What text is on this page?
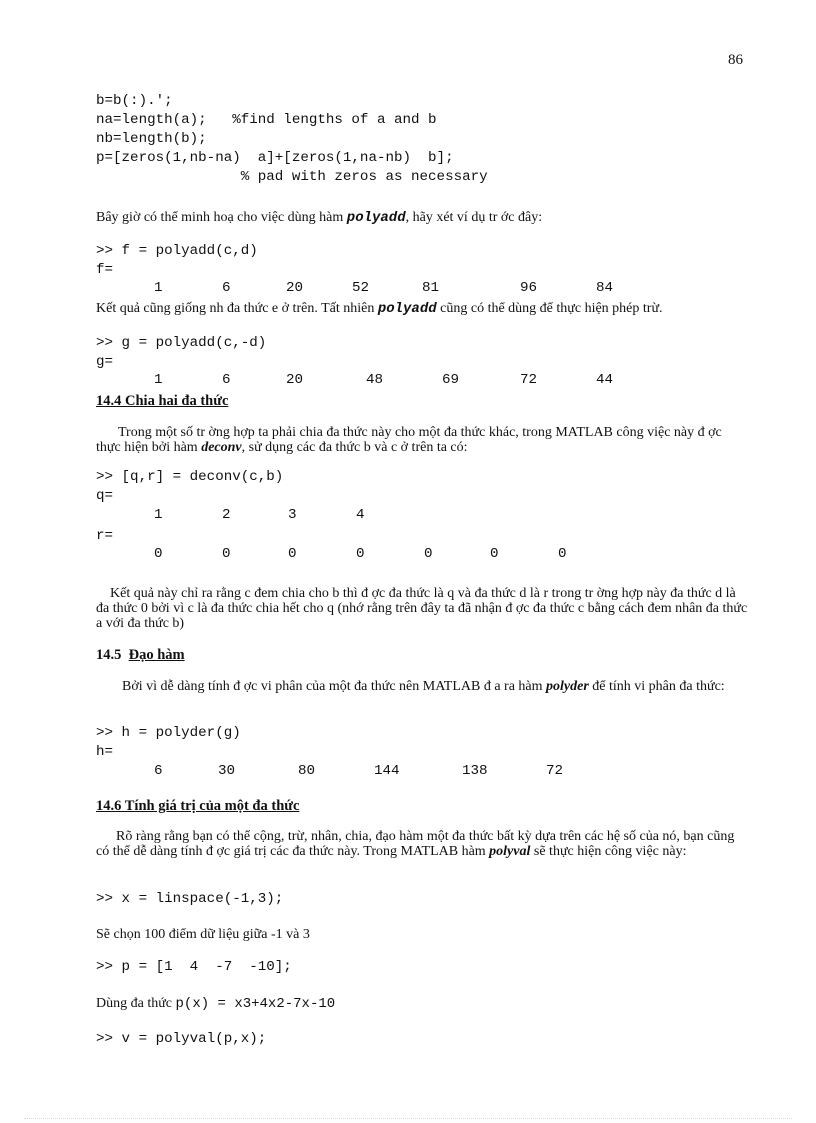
86
b=b(:).';
na=length(a);   %find lengths of a and b
nb=length(b);
p=[zeros(1,nb-na)  a]+[zeros(1,na-nb)  b];
% pad with zeros as necessary

Bây giờ có thể minh hoạ cho việc dùng hàm polyadd, hãy xét ví dụ tr ớc đây:

>> f = polyadd(c,d)
f=
1	6	20	52	81	96	84

Kết quả cũng giống nh đa thức e ở trên. Tất nhiên polyadd cũng có thể dùng để thực hiện phép trừ.

>> g = polyadd(c,-d)
g=
1	6	20	48	69	72	44
14.4 Chia hai đa thức

Trong một số tr ờng hợp ta phải chia đa thức này cho một đa thức khác, trong MATLAB công việc này đ ợc thực hiện bởi hàm deconv, sử dụng các đa thức b và c ở trên ta có:

>> [q,r] = deconv(c,b)
q=
1	2	3	4
r=
0	0	0	0	0	0	0

Kết quả này chỉ ra rằng c đem chia cho b thì đ ợc đa thức là q và đa thức d là r trong tr ờng hợp này đa thức d là đa thức 0 bởi vì c là đa thức chia hết cho q (nhớ rằng trên đây ta đã nhận đ ợc đa thức c bằng cách đem nhân đa thức a với đa thức b)

14.5 Đạo hàm

Bởi vì dễ dàng tính đ ợc vi phân của một đa thức nên MATLAB đ a ra hàm polyder để tính vi phân đa thức:

>> h = polyder(g)
h=
6	30	80	144	138	72
14.6 Tính giá trị của một đa thức

Rõ ràng rằng bạn có thể cộng, trừ, nhân, chia, đạo hàm một đa thức bất kỳ dựa trên các hệ số của nó, bạn cũng có thể dễ dàng tính đ ợc giá trị các đa thức này. Trong MATLAB hàm polyval sẽ thực hiện công việc này:

>> x = linspace(-1,3);

Sẽ chọn 100 điểm dữ liệu giữa -1 và 3

>> p = [1  4  -7  -10];

Dùng đa thức p(x) = x3+4x2-7x-10

>> v = polyval(p,x);
